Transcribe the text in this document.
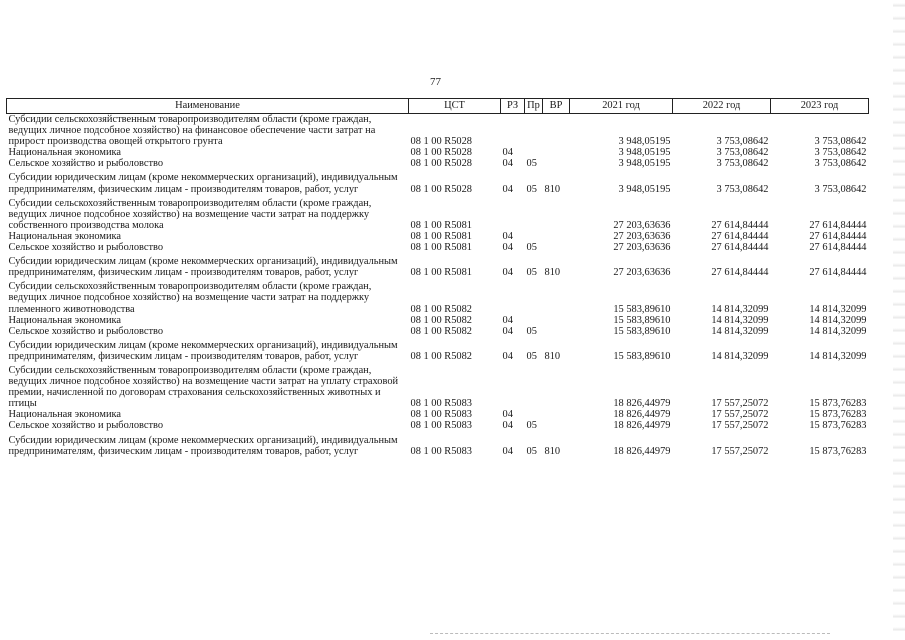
77
Наименование	ЦСТ	РЗ	Пр	ВР	2021 год	2022 год	2023 год
Субсидии сельскохозяйственным товаропроизводителям области (кроме граждан, ведущих личное подсобное хозяйство) на финансовое обеспечение части затрат на прирост производства овощей открытого грунта	08 1 00 R5028				3 948,05195	3 753,08642	3 753,08642
Национальная экономика	08 1 00 R5028	04			3 948,05195	3 753,08642	3 753,08642
Сельское хозяйство и рыболовство	08 1 00 R5028	04	05		3 948,05195	3 753,08642	3 753,08642
Субсидии юридическим лицам (кроме некоммерческих организаций), индивидуальным предпринимателям, физическим лицам - производителям товаров, работ, услуг	08 1 00 R5028	04	05	810	3 948,05195	3 753,08642	3 753,08642
Субсидии сельскохозяйственным товаропроизводителям области (кроме граждан, ведущих личное подсобное хозяйство) на возмещение части затрат на поддержку собственного производства молока	08 1 00 R5081				27 203,63636	27 614,84444	27 614,84444
Национальная экономика	08 1 00 R5081	04			27 203,63636	27 614,84444	27 614,84444
Сельское хозяйство и рыболовство	08 1 00 R5081	04	05		27 203,63636	27 614,84444	27 614,84444
Субсидии юридическим лицам (кроме некоммерческих организаций), индивидуальным предпринимателям, физическим лицам - производителям товаров, работ, услуг	08 1 00 R5081	04	05	810	27 203,63636	27 614,84444	27 614,84444
Субсидии сельскохозяйственным товаропроизводителям области (кроме граждан, ведущих личное подсобное хозяйство) на возмещение части затрат на поддержку племенного животноводства	08 1 00 R5082				15 583,89610	14 814,32099	14 814,32099
Национальная экономика	08 1 00 R5082	04			15 583,89610	14 814,32099	14 814,32099
Сельское хозяйство и рыболовство	08 1 00 R5082	04	05		15 583,89610	14 814,32099	14 814,32099
Субсидии юридическим лицам (кроме некоммерческих организаций), индивидуальным предпринимателям, физическим лицам - производителям товаров, работ, услуг	08 1 00 R5082	04	05	810	15 583,89610	14 814,32099	14 814,32099
Субсидии сельскохозяйственным товаропроизводителям области (кроме граждан, ведущих личное подсобное хозяйство) на возмещение части затрат на уплату страховой премии, начисленной по договорам страхования сельскохозяйственных животных и птицы	08 1 00 R5083				18 826,44979	17 557,25072	15 873,76283
Национальная экономика	08 1 00 R5083	04			18 826,44979	17 557,25072	15 873,76283
Сельское хозяйство и рыболовство	08 1 00 R5083	04	05		18 826,44979	17 557,25072	15 873,76283
Субсидии юридическим лицам (кроме некоммерческих организаций), индивидуальным предпринимателям, физическим лицам - производителям товаров, работ, услуг	08 1 00 R5083	04	05	810	18 826,44979	17 557,25072	15 873,76283
